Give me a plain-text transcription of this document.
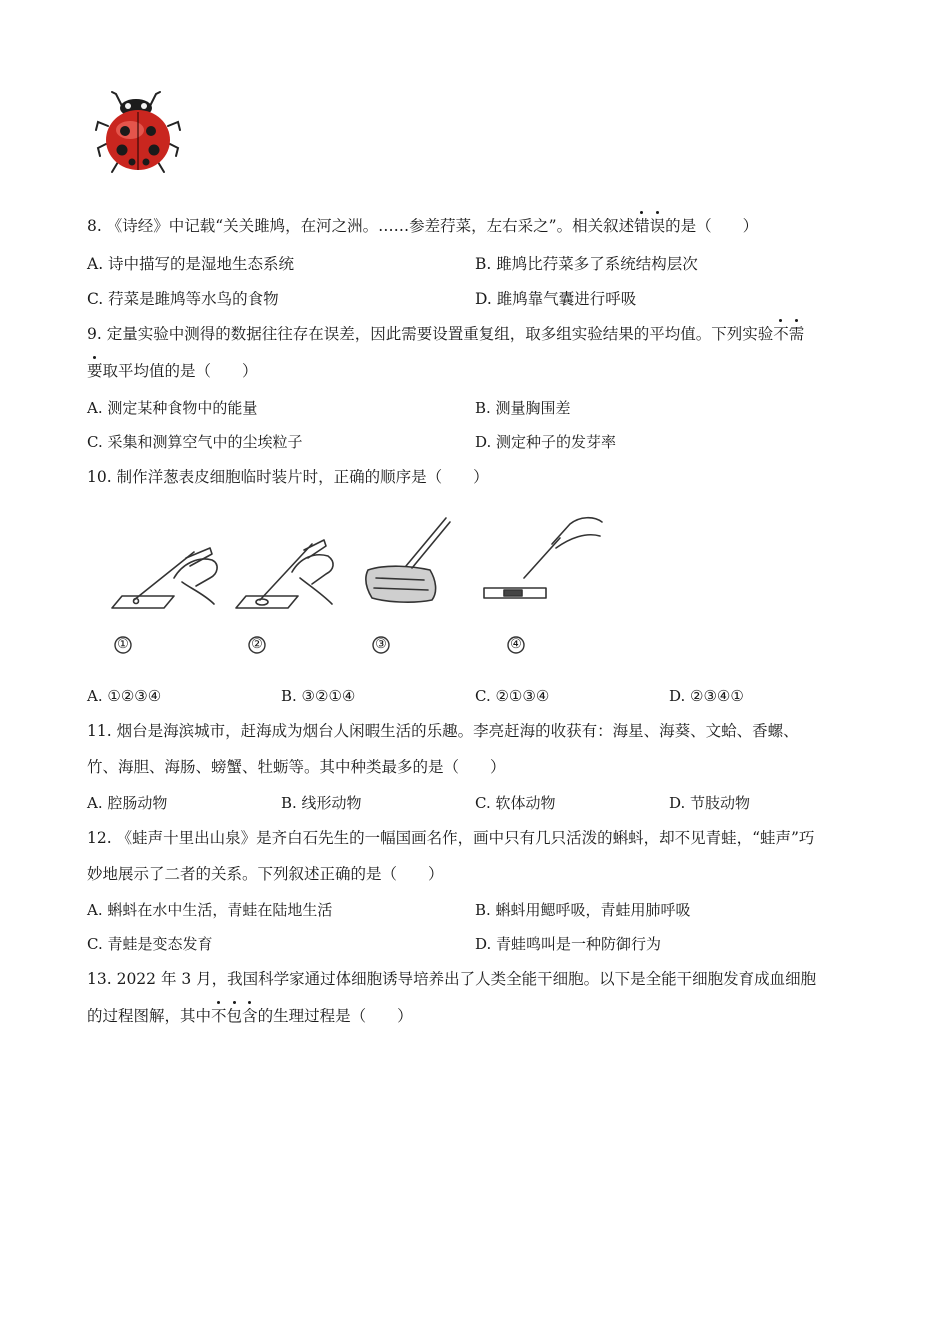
8. 《诗经》中记载“关关雎鸠，在河之洲。……参差荇菜，左右采之”。相关叙述错误的是（　　）
A. 诗中描写的是湿地生态系统	B. 雎鸠比荇菜多了系统结构层次
C. 荇菜是雎鸠等水鸟的食物	D. 雎鸠靠气囊进行呼吸
9. 定量实验中测得的数据往往存在误差，因此需要设置重复组，取多组实验结果的平均值。下列实验不需
要取平均值的是（　　）
A. 测定某种食物中的能量	B. 测量胸围差
C. 采集和测算空气中的尘埃粒子	D. 测定种子的发芽率
10. 制作洋葱表皮细胞临时装片时，正确的顺序是（　　）
①	②	③	④
A. ①②③④	B. ③②①④	C. ②①③④	D. ②③④①
11. 烟台是海滨城市，赶海成为烟台人闲暇生活的乐趣。李亮赶海的收获有：海星、海葵、文蛤、香螺、
竹、海胆、海肠、螃蟹、牡蛎等。其中种类最多的是（　　）
A. 腔肠动物	B. 线形动物	C. 软体动物	D. 节肢动物
12. 《蛙声十里出山泉》是齐白石先生的一幅国画名作，画中只有几只活泼的蝌蚪，却不见青蛙，“蛙声”巧
妙地展示了二者的关系。下列叙述正确的是（　　）
A. 蝌蚪在水中生活，青蛙在陆地生活	B. 蝌蚪用鳃呼吸，青蛙用肺呼吸
C. 青蛙是变态发育	D. 青蛙鸣叫是一种防御行为
13. 2022 年 3 月，我国科学家通过体细胞诱导培养出了人类全能干细胞。以下是全能干细胞发育成血细胞
的过程图解，其中不包含的生理过程是（　　）
